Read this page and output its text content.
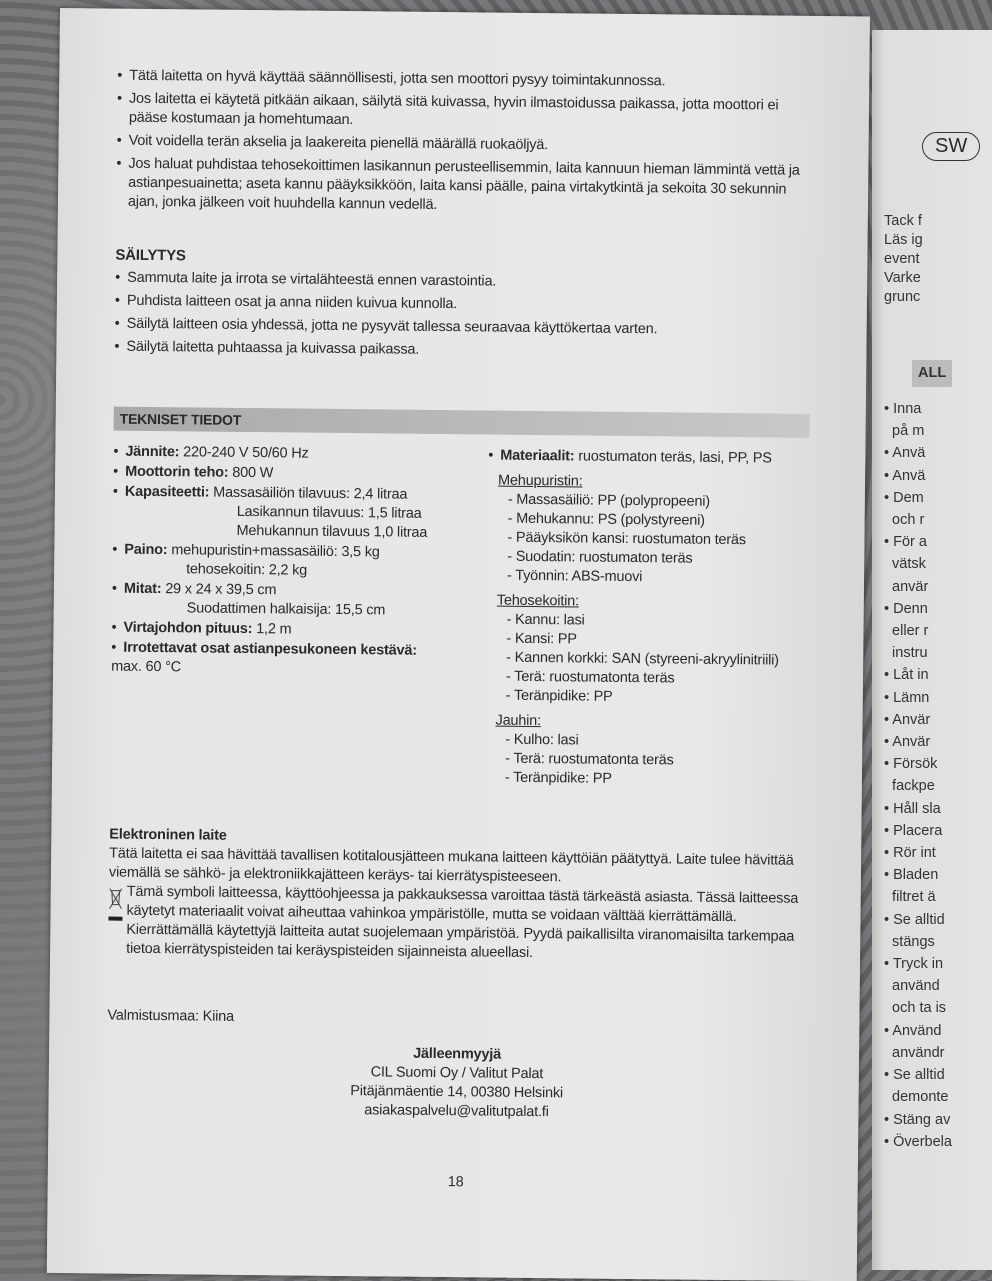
• Tätä laitetta on hyvä käyttää säännöllisesti, jotta sen moottori pysyy toimintakunnossa.
• Jos laitetta ei käytetä pitkään aikaan, säilytä sitä kuivassa, hyvin ilmastoidussa paikassa, jotta moottori ei pääse kostumaan ja homehtumaan.
• Voit voidella terän akselia ja laakereita pienellä määrällä ruokaöljyä.
• Jos haluat puhdistaa tehosekoittimen lasikannun perusteellisemmin, laita kannuun hieman lämmintä vettä ja astianpesuainetta; aseta kannu pääyksikköön, laita kansi päälle, paina virtakytkintä ja sekoita 30 sekunnin ajan, jonka jälkeen voit huuhdella kannun vedellä.
SÄILYTYS
• Sammuta laite ja irrota se virtalähteestä ennen varastointia.
• Puhdista laitteen osat ja anna niiden kuivua kunnolla.
• Säilytä laitteen osia yhdessä, jotta ne pysyvät tallessa seuraavaa käyttökertaa varten.
• Säilytä laitetta puhtaassa ja kuivassa paikassa.
TEKNISET TIEDOT
• Jännite: 220-240 V 50/60 Hz
• Moottorin teho: 800 W
• Kapasiteetti: Massasäiliön tilavuus: 2,4 litraa
Lasikannun tilavuus: 1,5 litraa
Mehukannun tilavuus 1,0 litraa
• Paino: mehupuristin+massasäiliö: 3,5 kg
tehosekoitin: 2,2 kg
• Mitat: 29 x 24 x 39,5 cm
Suodattimen halkaisija: 15,5 cm
• Virtajohdon pituus: 1,2 m
• Irrotettavat osat astianpesukoneen kestävä:
max. 60 °C
• Materiaalit: ruostumaton teräs, lasi, PP, PS
Mehupuristin:
- Massasäiliö: PP (polypropeeni)
- Mehukannu: PS (polystyreeni)
- Pääyksikön kansi: ruostumaton teräs
- Suodatin: ruostumaton teräs
- Työnnin: ABS-muovi
Tehosekoitin:
- Kannu: lasi
- Kansi: PP
- Kannen korkki: SAN (styreeni-akryylinitriili)
- Terä: ruostumatonta teräs
- Teränpidike: PP
Jauhin:
- Kulho: lasi
- Terä: ruostumatonta teräs
- Teränpidike: PP
Elektroninen laite
Tätä laitetta ei saa hävittää tavallisen kotitalousjätteen mukana laitteen käyttöiän päätyttyä. Laite tulee hävittää viemällä se sähkö- ja elektroniikkajätteen keräys- tai kierrätyspisteeseen.
Tämä symboli laitteessa, käyttöohjeessa ja pakkauksessa varoittaa tästä tärkeästä asiasta. Tässä laitteessa käytetyt materiaalit voivat aiheuttaa vahinkoa ympäristölle, mutta se voidaan välttää kierrättämällä. Kierrättämällä käytettyjä laitteita autat suojelemaan ympäristöä. Pyydä paikallisilta viranomaisilta tarkempaa tietoa kierrätyspisteiden tai keräyspisteiden sijainneista alueellasi.
Valmistusmaa: Kiina
Jälleenmyyjä
CIL Suomi Oy / Valitut Palat
Pitäjänmäentie 14, 00380 Helsinki
asiakaspalvelu@valitutpalat.fi
18
SW
Tack f
Läs ig
event
Varke
grunc
ALL
• Inna
på m
• Anvä
• Anvä
• Dem
och r
• För a
vätsk
anvär
• Denn
eller r
instru
• Låt in
• Lämn
• Anvär
• Anvär
• Försök
fackpe
• Håll sla
• Placera
• Rör int
• Bladen
filtret ä
• Se alltid
stängs
• Tryck in
använd
och ta is
• Använd
användr
• Se alltid
demonte
• Stäng av
• Överbela
